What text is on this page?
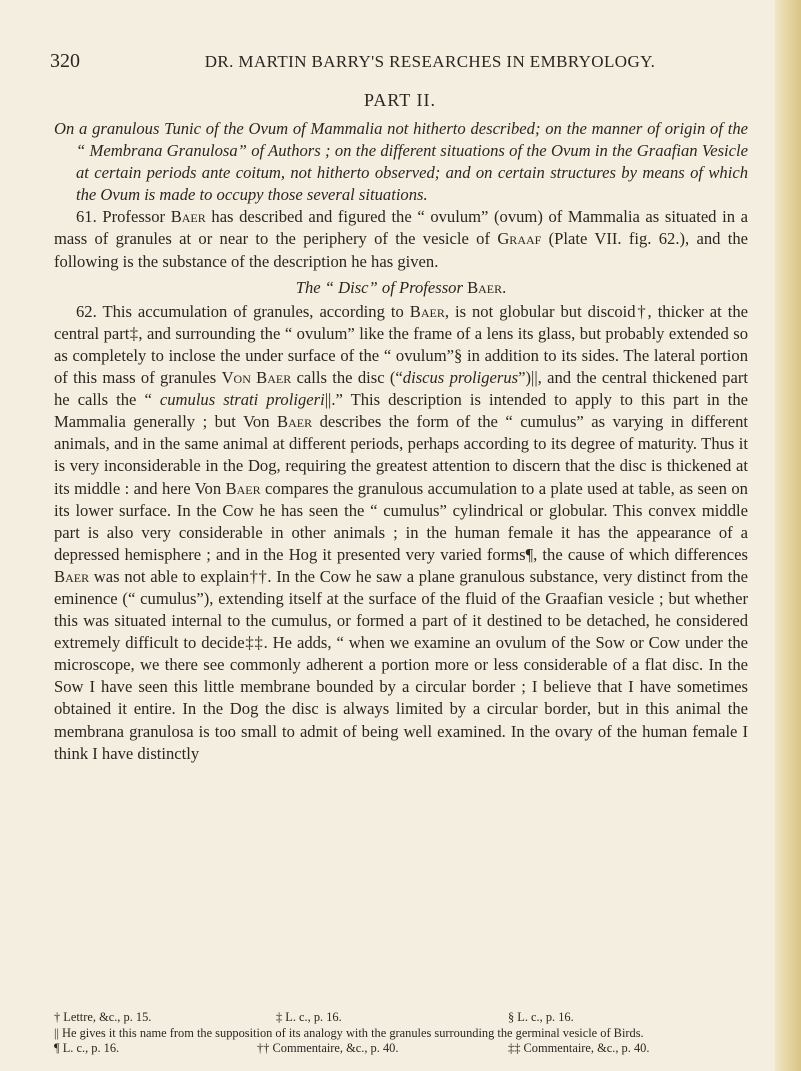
320	DR. MARTIN BARRY'S RESEARCHES IN EMBRYOLOGY.
PART II.

On a granulous Tunic of the Ovum of Mammalia not hitherto described; on the manner of origin of the “ Membrana Granulosa” of Authors ; on the different situations of the Ovum in the Graafian Vesicle at certain periods ante coitum, not hitherto observed; and on certain structures by means of which the Ovum is made to occupy those several situations.

61. Professor Baer has described and figured the “ ovulum” (ovum) of Mammalia as situated in a mass of granules at or near to the periphery of the vesicle of Graaf (Plate VII. fig. 62.), and the following is the substance of the description he has given.

The “ Disc” of Professor Baer.

62. This accumulation of granules, according to Baer, is not globular but discoid†, thicker at the central part‡, and surrounding the “ ovulum” like the frame of a lens its glass, but probably extended so as completely to inclose the under surface of the “ ovulum”§ in addition to its sides. The lateral portion of this mass of granules Von Baer calls the disc (“discus proligerus”)||, and the central thickened part he calls the “ cumulus strati proligeri||.” This description is intended to apply to this part in the Mammalia generally ; but Von Baer describes the form of the “ cumulus” as varying in different animals, and in the same animal at different periods, perhaps according to its degree of maturity. Thus it is very inconsiderable in the Dog, requiring the greatest attention to discern that the disc is thickened at its middle : and here Von Baer compares the granulous accumulation to a plate used at table, as seen on its lower surface. In the Cow he has seen the “ cumulus” cylindrical or globular. This convex middle part is also very considerable in other animals ; in the human female it has the appearance of a depressed hemisphere ; and in the Hog it presented very varied forms¶, the cause of which differences Baer was not able to explain††. In the Cow he saw a plane granulous substance, very distinct from the eminence (“ cumulus”), extending itself at the surface of the fluid of the Graafian vesicle ; but whether this was situated internal to the cumulus, or formed a part of it destined to be detached, he considered extremely difficult to decide‡‡. He adds, “ when we examine an ovulum of the Sow or Cow under the microscope, we there see commonly adherent a portion more or less considerable of a flat disc. In the Sow I have seen this little membrane bounded by a circular border ; I believe that I have sometimes obtained it entire. In the Dog the disc is always limited by a circular border, but in this animal the membrana granulosa is too small to admit of being well examined. In the ovary of the human female I think I have distinctly

† Lettre, &c., p. 15.	‡ L. c., p. 16.	§ L. c., p. 16.

|| He gives it this name from the supposition of its analogy with the granules surrounding the germinal vesicle of Birds.

¶ L. c., p. 16.	†† Commentaire, &c., p. 40.	‡‡ Commentaire, &c., p. 40.
